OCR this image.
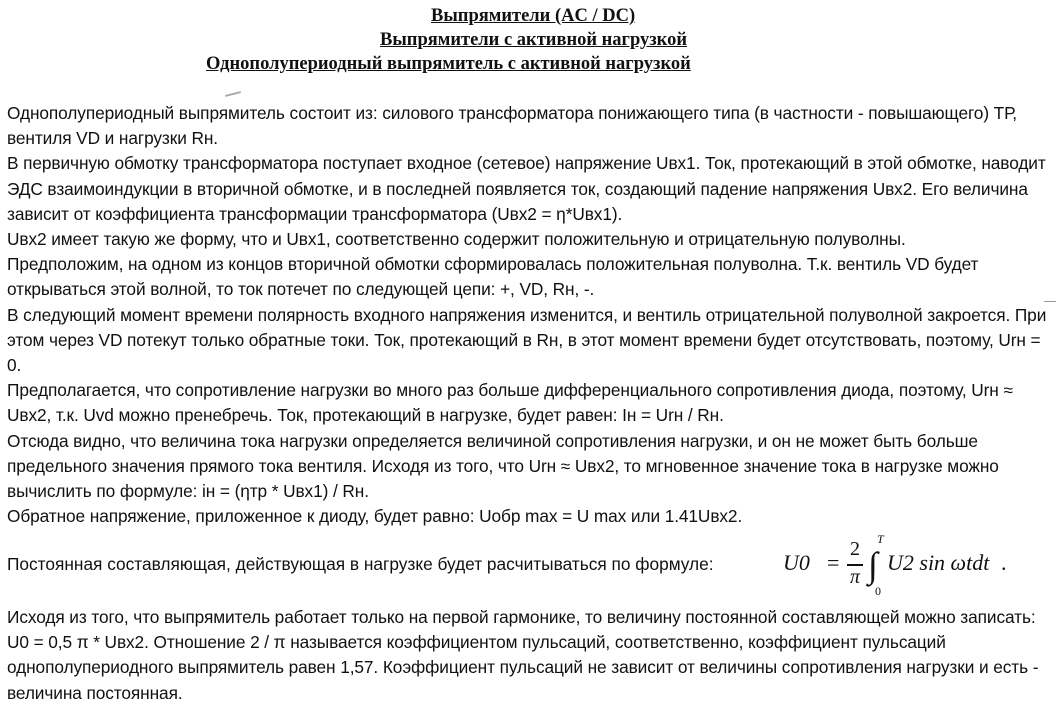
Выпрямители (AC / DC)
Выпрямители с активной нагрузкой
Однополупериодный выпрямитель с активной нагрузкой

Однополупериодный выпрямитель состоит из: силового трансформатора понижающего типа (в частности - повышающего) ТР, вентиля VD и нагрузки Rн.

В первичную обмотку трансформатора поступает входное (сетевое) напряжение Uвх1. Ток, протекающий в этой обмотке, наводит ЭДС взаимоиндукции в вторичной обмотке, и в последней появляется ток, создающий падение напряжения Uвх2. Его величина зависит от коэффициента трансформации трансформатора (Uвх2 = η*Uвх1).

Uвх2 имеет такую же форму, что и Uвх1, соответственно содержит положительную и отрицательную полуволны.

Предположим, на одном из концов вторичной обмотки сформировалась положительная полуволна. Т.к. вентиль VD будет открываться этой волной, то ток потечет по следующей цепи: +, VD, Rн, -.

В следующий момент времени полярность входного напряжения изменится, и вентиль отрицательной полуволной закроется. При этом через VD потекут только обратные токи. Ток, протекающий в Rн, в этот момент времени будет отсутствовать, поэтому, Urн = 0.

Предполагается, что сопротивление нагрузки во много раз больше дифференциального сопротивления диода, поэтому, Urн ≈ Uвх2, т.к. Uvd можно пренебречь. Ток, протекающий в нагрузке, будет равен: Iн = Urн / Rн.

Отсюда видно, что величина тока нагрузки определяется величиной сопротивления нагрузки, и он не может быть больше предельного значения прямого тока вентиля. Исходя из того, что Urн ≈ Uвх2, то мгновенное значение тока в нагрузке можно вычислить по формуле: iн = (ηтр * Uвх1) / Rн.

Обратное напряжение, приложенное к диоду, будет равно: Uобр max = U max или 1.41Uвх2.

Постоянная составляющая, действующая в нагрузке будет расчитываться по формуле:	U0 =
2
π ∫
T
0
U2 sin ωtdt .

Исходя из того, что выпрямитель работает только на первой гармонике, то величину постоянной составляющей можно записать: U0 = 0,5 π * Uвх2. Отношение 2 / π называется коэффициентом пульсаций, соответственно, коэффициент пульсаций однополупериодного выпрямитель равен 1,57. Коэффициент пульсаций не зависит от величины сопротивления нагрузки и есть - величина постоянная.
